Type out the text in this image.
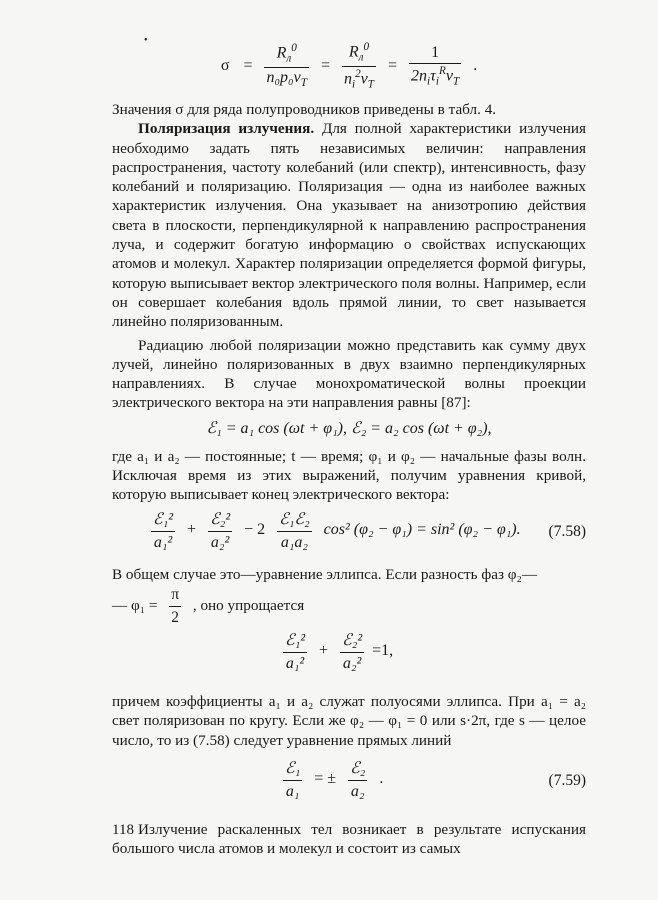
•
$\sigma = \frac{R_л^0}{n_0p_0v_T} = \frac{R_л^0}{n_i^2v_T} = \frac{1}{2n_i\tau_i^Rv_T}$ .

Значения σ для ряда полупроводников приведены в табл. 4.

Поляризация излучения. Для полной характеристики излучения необходимо задать пять независимых величин: направления распространения, частоту колебаний (или спектр), интенсивность, фазу колебаний и поляризацию. Поляризация — одна из наиболее важных характеристик излучения. Она указывает на анизотропию действия света в плоскости, перпендикулярной к направлению распространения луча, и содержит богатую информацию о свойствах испускающих атомов и молекул. Характер поляризации определяется формой фигуры, которую выписывает вектор электрического поля волны. Например, если он совершает колебания вдоль прямой линии, то свет называется линейно поляризованным.

Радиацию любой поляризации можно представить как сумму двух лучей, линейно поляризованных в двух взаимно перпендикулярных направлениях. В случае монохроматической волны проекции электрического вектора на эти направления равны [87]:

ℰ₁ = a₁ cos (ωt + φ₁), ℰ₂ = a₂ cos (ωt + φ₂),

где a₁ и a₂ — постоянные; t — время; φ₁ и φ₂ — начальные фазы волн. Исключая время из этих выражений, получим уравнения кривой, которую выписывает конец электрического вектора:

$\frac{\text{ℰ₁²}}{\text{a₁²}} + \frac{\text{ℰ₂²}}{\text{a₂²}} - 2 \frac{\text{ℰ₁ℰ₂}}{\text{a₁a₂}} \cos^2$ (φ₂ − φ₁) = sin² (φ₂ − φ₁).	(7.58)

В общем случае это—уравнение эллипса. Если разность фаз φ₂—

— $\varphi_1 = \frac{\pi}{2}$ , оно упрощается
$\frac{\text{ℰ₁²}}{\text{a₁²}} + \frac{\text{ℰ₂²}}{\text{a₂²}} =1$,

причем коэффициенты a₁ и a₂ служат полуосями эллипса. При a₁ = a₂ свет поляризован по кругу. Если же φ₂ — φ₁ = 0 или s·2π, где s — целое число, то из (7.58) следует уравнение прямых линий

$\frac{\text{ℰ₁}}{\text{a₁}}$ = ± $\frac{\text{ℰ₂}}{\text{a₂}}$ .	(7.59)

Излучение раскаленных тел возникает в результате испускания большого числа атомов и молекул и состоит из самых

118
